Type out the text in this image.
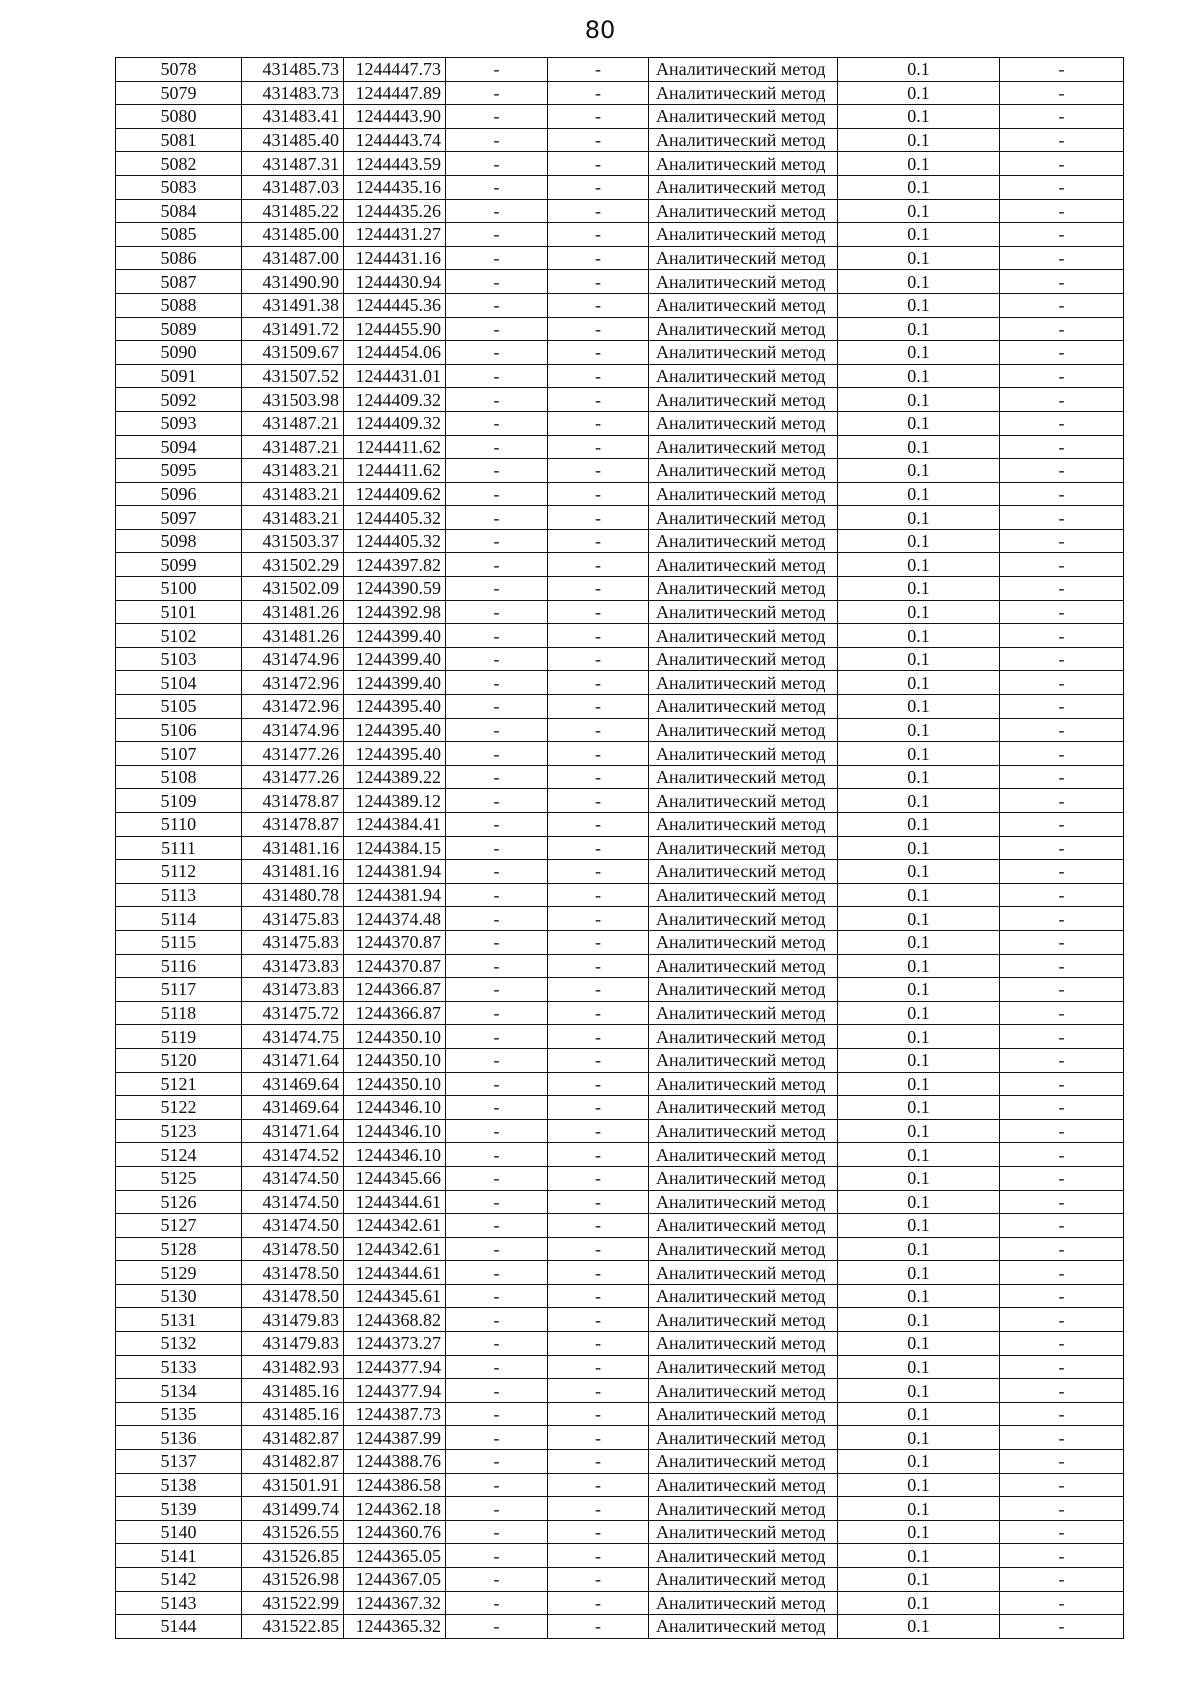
80
5078	431485.73	1244447.73	-	-	Аналитический метод	0.1	-
5079	431483.73	1244447.89	-	-	Аналитический метод	0.1	-
5080	431483.41	1244443.90	-	-	Аналитический метод	0.1	-
5081	431485.40	1244443.74	-	-	Аналитический метод	0.1	-
5082	431487.31	1244443.59	-	-	Аналитический метод	0.1	-
5083	431487.03	1244435.16	-	-	Аналитический метод	0.1	-
5084	431485.22	1244435.26	-	-	Аналитический метод	0.1	-
5085	431485.00	1244431.27	-	-	Аналитический метод	0.1	-
5086	431487.00	1244431.16	-	-	Аналитический метод	0.1	-
5087	431490.90	1244430.94	-	-	Аналитический метод	0.1	-
5088	431491.38	1244445.36	-	-	Аналитический метод	0.1	-
5089	431491.72	1244455.90	-	-	Аналитический метод	0.1	-
5090	431509.67	1244454.06	-	-	Аналитический метод	0.1	-
5091	431507.52	1244431.01	-	-	Аналитический метод	0.1	-
5092	431503.98	1244409.32	-	-	Аналитический метод	0.1	-
5093	431487.21	1244409.32	-	-	Аналитический метод	0.1	-
5094	431487.21	1244411.62	-	-	Аналитический метод	0.1	-
5095	431483.21	1244411.62	-	-	Аналитический метод	0.1	-
5096	431483.21	1244409.62	-	-	Аналитический метод	0.1	-
5097	431483.21	1244405.32	-	-	Аналитический метод	0.1	-
5098	431503.37	1244405.32	-	-	Аналитический метод	0.1	-
5099	431502.29	1244397.82	-	-	Аналитический метод	0.1	-
5100	431502.09	1244390.59	-	-	Аналитический метод	0.1	-
5101	431481.26	1244392.98	-	-	Аналитический метод	0.1	-
5102	431481.26	1244399.40	-	-	Аналитический метод	0.1	-
5103	431474.96	1244399.40	-	-	Аналитический метод	0.1	-
5104	431472.96	1244399.40	-	-	Аналитический метод	0.1	-
5105	431472.96	1244395.40	-	-	Аналитический метод	0.1	-
5106	431474.96	1244395.40	-	-	Аналитический метод	0.1	-
5107	431477.26	1244395.40	-	-	Аналитический метод	0.1	-
5108	431477.26	1244389.22	-	-	Аналитический метод	0.1	-
5109	431478.87	1244389.12	-	-	Аналитический метод	0.1	-
5110	431478.87	1244384.41	-	-	Аналитический метод	0.1	-
5111	431481.16	1244384.15	-	-	Аналитический метод	0.1	-
5112	431481.16	1244381.94	-	-	Аналитический метод	0.1	-
5113	431480.78	1244381.94	-	-	Аналитический метод	0.1	-
5114	431475.83	1244374.48	-	-	Аналитический метод	0.1	-
5115	431475.83	1244370.87	-	-	Аналитический метод	0.1	-
5116	431473.83	1244370.87	-	-	Аналитический метод	0.1	-
5117	431473.83	1244366.87	-	-	Аналитический метод	0.1	-
5118	431475.72	1244366.87	-	-	Аналитический метод	0.1	-
5119	431474.75	1244350.10	-	-	Аналитический метод	0.1	-
5120	431471.64	1244350.10	-	-	Аналитический метод	0.1	-
5121	431469.64	1244350.10	-	-	Аналитический метод	0.1	-
5122	431469.64	1244346.10	-	-	Аналитический метод	0.1	-
5123	431471.64	1244346.10	-	-	Аналитический метод	0.1	-
5124	431474.52	1244346.10	-	-	Аналитический метод	0.1	-
5125	431474.50	1244345.66	-	-	Аналитический метод	0.1	-
5126	431474.50	1244344.61	-	-	Аналитический метод	0.1	-
5127	431474.50	1244342.61	-	-	Аналитический метод	0.1	-
5128	431478.50	1244342.61	-	-	Аналитический метод	0.1	-
5129	431478.50	1244344.61	-	-	Аналитический метод	0.1	-
5130	431478.50	1244345.61	-	-	Аналитический метод	0.1	-
5131	431479.83	1244368.82	-	-	Аналитический метод	0.1	-
5132	431479.83	1244373.27	-	-	Аналитический метод	0.1	-
5133	431482.93	1244377.94	-	-	Аналитический метод	0.1	-
5134	431485.16	1244377.94	-	-	Аналитический метод	0.1	-
5135	431485.16	1244387.73	-	-	Аналитический метод	0.1	-
5136	431482.87	1244387.99	-	-	Аналитический метод	0.1	-
5137	431482.87	1244388.76	-	-	Аналитический метод	0.1	-
5138	431501.91	1244386.58	-	-	Аналитический метод	0.1	-
5139	431499.74	1244362.18	-	-	Аналитический метод	0.1	-
5140	431526.55	1244360.76	-	-	Аналитический метод	0.1	-
5141	431526.85	1244365.05	-	-	Аналитический метод	0.1	-
5142	431526.98	1244367.05	-	-	Аналитический метод	0.1	-
5143	431522.99	1244367.32	-	-	Аналитический метод	0.1	-
5144	431522.85	1244365.32	-	-	Аналитический метод	0.1	-
